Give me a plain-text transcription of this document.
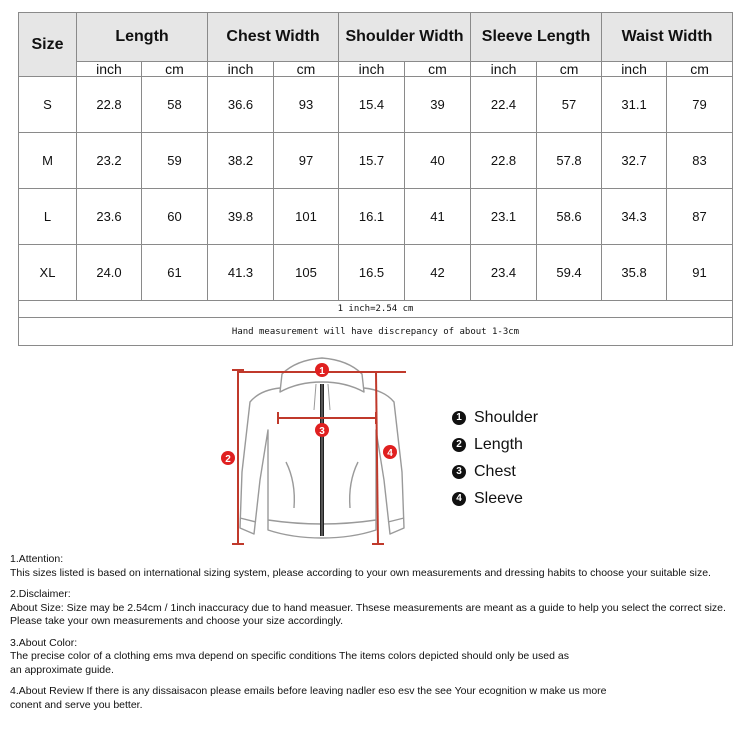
Size	Length		Chest Width		Shoulder Width		Sleeve Length		Waist Width	
	inch	cm	inch	cm	inch	cm	inch	cm	inch	cm
S	22.8	58	36.6	93	15.4	39	22.4	57	31.1	79
M	23.2	59	38.2	97	15.7	40	22.8	57.8	32.7	83
L	23.6	60	39.8	101	16.1	41	23.1	58.6	34.3	87
XL	24.0	61	41.3	105	16.5	42	23.4	59.4	35.8	91
1 inch=2.54 cm										
Hand measurement will have discrepancy of about 1-3cm										
1
2
3
4
1 Shoulder
2 Length
3 Chest
4 Sleeve
1.Attention:
This sizes listed is based on international sizing system, please according to your own measurements and dressing habits to choose your suitable size.
2.Disclaimer:
About Size: Size may be 2.54cm / 1inch inaccuracy due to hand measuer. Thsese measurements are meant as a guide to help you select the correct size.
Please take your own measurements and choose your size accordingly.
3.About Color:
The precise color of a clothing ems mva depend on specific conditions The items colors depicted should only be used as
an approximate guide.
4.About Review If there is any dissaisacon please emails before leaving nadler eso esv the see Your ecognition w make us more
conent and serve you better.
